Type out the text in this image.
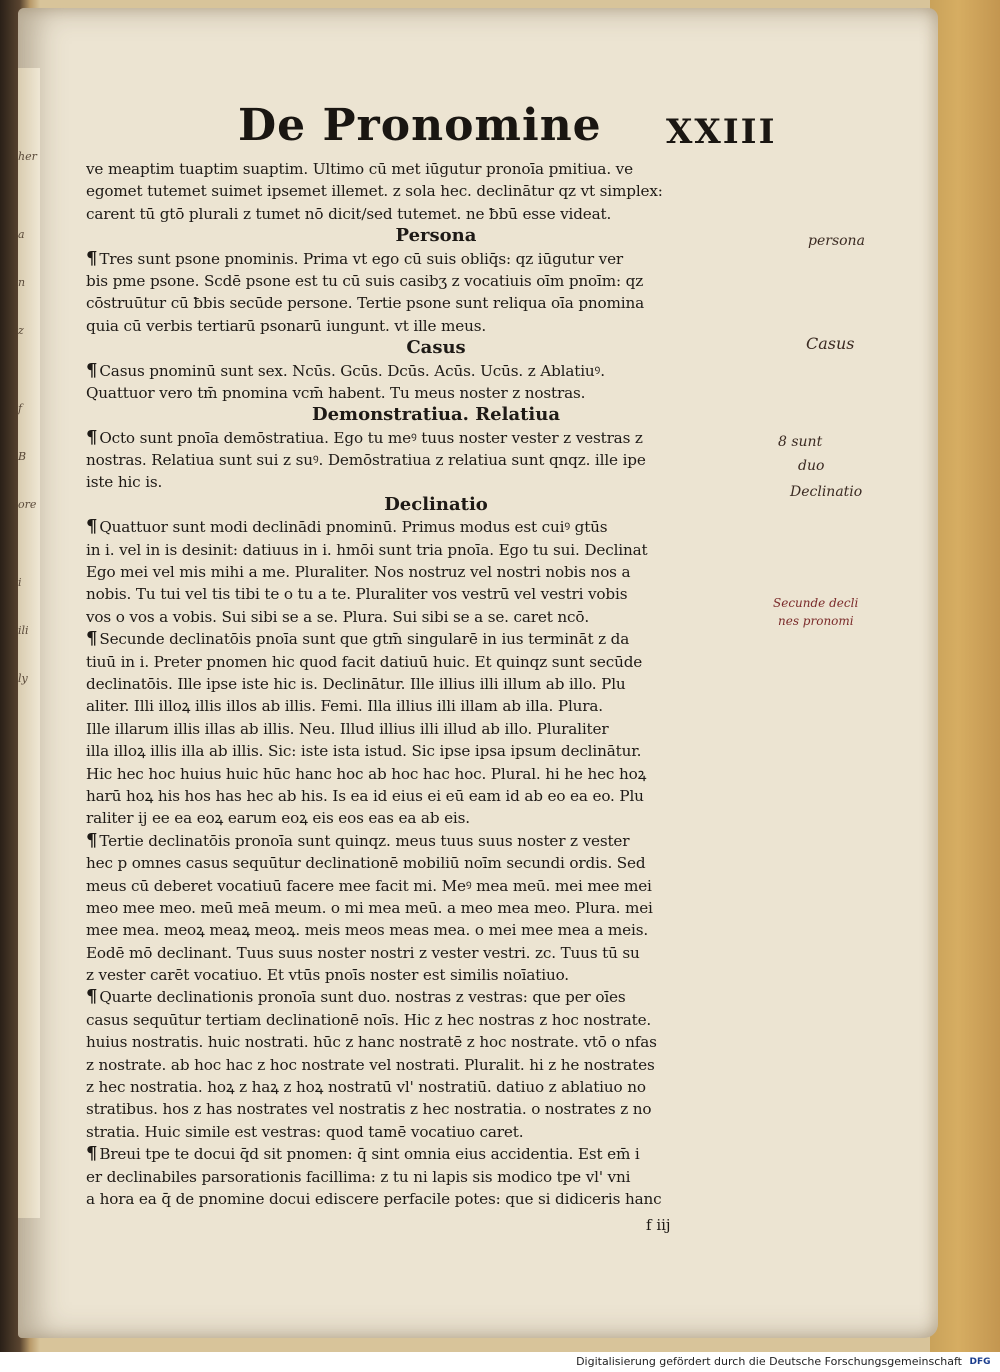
her
a
n
z
f
B
ore
i
ili
ly
De Pronomine XXIII
ve meaptim tuaptim suaptim. Ultimo cū met iūgutur pronoīa pmitiua. ve
egomet tutemet suimet ipsemet illemet. z sola hec. declinātur qz vt simplex:
carent tū gtō plurali z tumet nō dicit/sed tutemet. ne ƀbū esse videat.
Persona
¶ Tres sunt psone pnominis. Prima vt ego cū suis obliq̄s: qz iūgutur ver
bis pme psone. Scdē psone est tu cū suis casibʒ z vocatiuis oīm pnoīm: qz
cōstruūtur cū ƀbis secūde persone. Tertie psone sunt reliqua oīa pnomina
quia cū verbis tertiarū psonarū iungunt. vt ille meus.
Casus
¶ Casus pnominū sunt sex. Ncūs. Gcūs. Dcūs. Acūs. Ucūs. z Ablatiuꝰ.
Quattuor vero tm̄ pnomina vcm̄ habent. Tu meus noster z nostras.
Demonstratiua. Relatiua
¶ Octo sunt pnoīa demōstratiua. Ego tu meꝰ tuus noster vester z vestras z
nostras. Relatiua sunt sui z suꝰ. Demōstratiua z relatiua sunt qnqz. ille ipe
iste hic is.
Declinatio
¶ Quattuor sunt modi declinādi pnominū. Primus modus est cuiꝰ gtūs
in i. vel in is desinit: datiuus in i. hmōi sunt tria pnoīa. Ego tu sui. Declinat
Ego mei vel mis mihi a me. Pluraliter. Nos nostruz vel nostri nobis nos a
nobis. Tu tui vel tis tibi te o tu a te. Pluraliter vos vestrū vel vestri vobis
vos o vos a vobis. Sui sibi se a se. Plura. Sui sibi se a se. caret ncō.
¶ Secunde declinatōis pnoīa sunt que gtm̄ singularē in ius termināt z da
tiuū in i. Preter pnomen hic quod facit datiuū huic. Et quinqz sunt secūde
declinatōis. Ille ipse iste hic is. Declinātur. Ille illius illi illum ab illo. Plu
aliter. Illi illoꝝ illis illos ab illis. Femi. Illa illius illi illam ab illa. Plura.
Ille illarum illis illas ab illis. Neu. Illud illius illi illud ab illo. Pluraliter
illa illoꝝ illis illa ab illis. Sic: iste ista istud. Sic ipse ipsa ipsum declinātur.
Hic hec hoc huius huic hūc hanc hoc ab hoc hac hoc. Plural. hi he hec hoꝝ
harū hoꝝ his hos has hec ab his. Is ea id eius ei eū eam id ab eo ea eo. Plu
raliter ij ee ea eoꝝ earum eoꝝ eis eos eas ea ab eis.
¶ Tertie declinatōis pronoīa sunt quinqz. meus tuus suus noster z vester
hec p omnes casus sequūtur declinationē mobiliū noīm secundi ordis. Sed
meus cū deberet vocatiuū facere mee facit mi. Meꝰ mea meū. mei mee mei
meo mee meo. meū meā meum. o mi mea meū. a meo mea meo. Plura. mei
mee mea. meoꝝ meaꝝ meoꝝ. meis meos meas mea. o mei mee mea a meis.
Eodē mō declinant. Tuus suus noster nostri z vester vestri. zc. Tuus tū su
z vester carēt vocatiuo. Et vtūs pnoīs noster est similis noīatiuo.
¶ Quarte declinationis pronoīa sunt duo. nostras z vestras: que per oīes
casus sequūtur tertiam declinationē noīs. Hic z hec nostras z hoc nostrate.
huius nostratis. huic nostrati. hūc z hanc nostratē z hoc nostrate. vtō o nfas
z nostrate. ab hoc hac z hoc nostrate vel nostrati. Pluralit. hi z he nostrates
z hec nostratia. hoꝝ z haꝝ z hoꝝ nostratū vl' nostratiū. datiuo z ablatiuo no
stratibus. hos z has nostrates vel nostratis z hec nostratia. o nostrates z no
stratia. Huic simile est vestras: quod tamē vocatiuo caret.
¶ Breui tpe te docui q̄d sit pnomen: q̄ sint omnia eius accidentia. Est em̄ i
er declinabiles parsorationis facillima: z tu ni lapis sis modico tpe vl' vni
a hora ea q̄ de pnomine docui ediscere perfacile potes: que si didiceris hanc
f iij
persona
Casus
8 sunt
duo
Declinatio
Secunde decli
nes pronomi
Digitalisierung gefördert durch die Deutsche Forschungsgemeinschaft DFG
